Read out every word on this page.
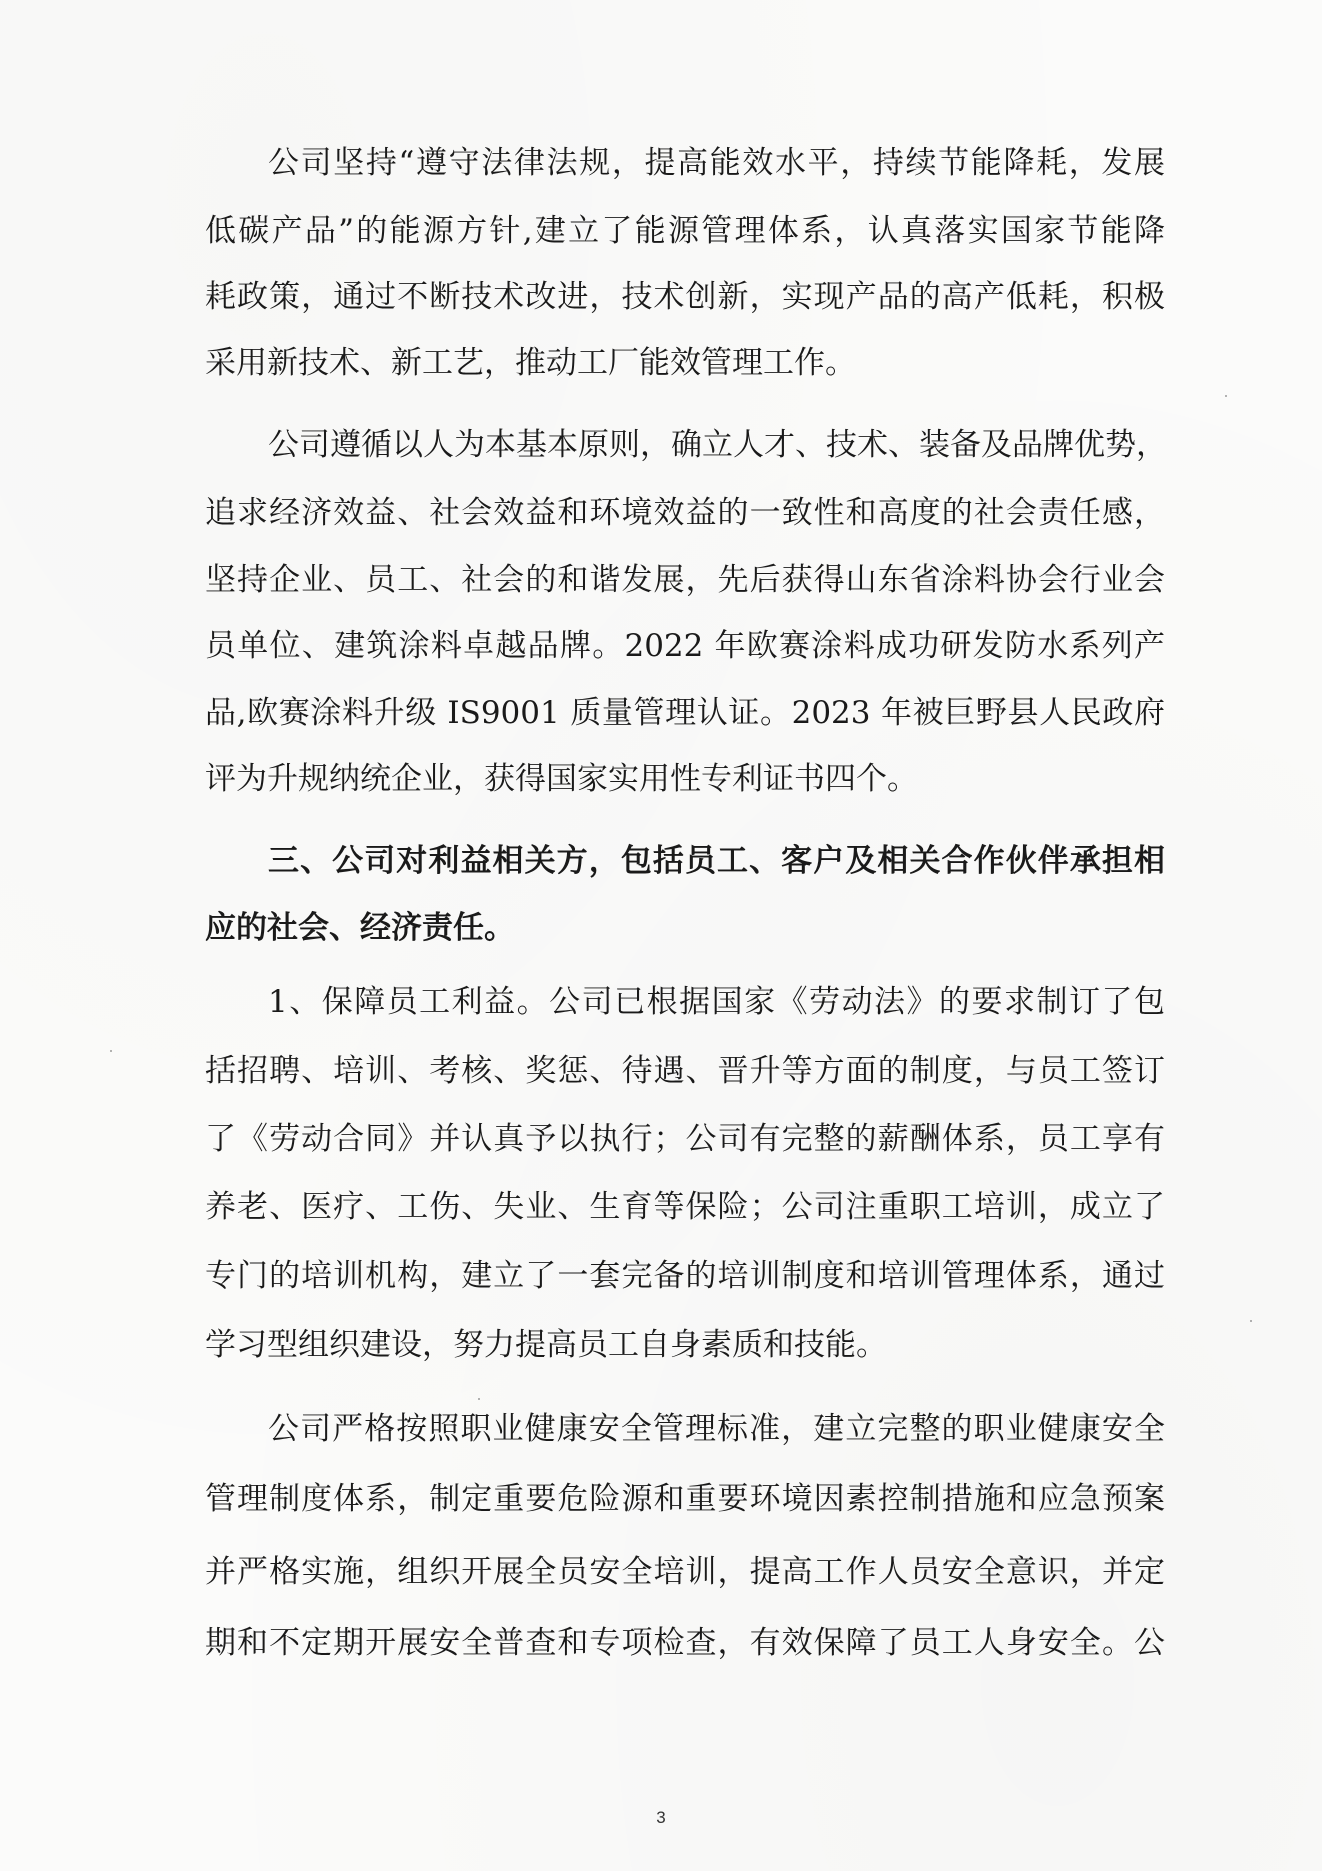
公司坚持“遵守法律法规，提高能效水平，持续节能降耗，发展
低碳产品”的能源方针,建立了能源管理体系，认真落实国家节能降
耗政策，通过不断技术改进，技术创新，实现产品的高产低耗，积极
采用新技术、新工艺，推动工厂能效管理工作。
公司遵循以人为本基本原则，确立人才、技术、装备及品牌优势，
追求经济效益、社会效益和环境效益的一致性和高度的社会责任感，
坚持企业、员工、社会的和谐发展，先后获得山东省涂料协会行业会
员单位、建筑涂料卓越品牌。2022 年欧赛涂料成功研发防水系列产
品,欧赛涂料升级 IS9001 质量管理认证。2023 年被巨野县人民政府
评为升规纳统企业，获得国家实用性专利证书四个。
三、公司对利益相关方，包括员工、客户及相关合作伙伴承担相
应的社会、经济责任。
1、保障员工利益。公司已根据国家《劳动法》的要求制订了包
括招聘、培训、考核、奖惩、待遇、晋升等方面的制度，与员工签订
了《劳动合同》并认真予以执行；公司有完整的薪酬体系，员工享有
养老、医疗、工伤、失业、生育等保险；公司注重职工培训，成立了
专门的培训机构，建立了一套完备的培训制度和培训管理体系，通过
学习型组织建设，努力提高员工自身素质和技能。
公司严格按照职业健康安全管理标准，建立完整的职业健康安全
管理制度体系，制定重要危险源和重要环境因素控制措施和应急预案
并严格实施，组织开展全员安全培训，提高工作人员安全意识，并定
期和不定期开展安全普查和专项检查，有效保障了员工人身安全。公
3
